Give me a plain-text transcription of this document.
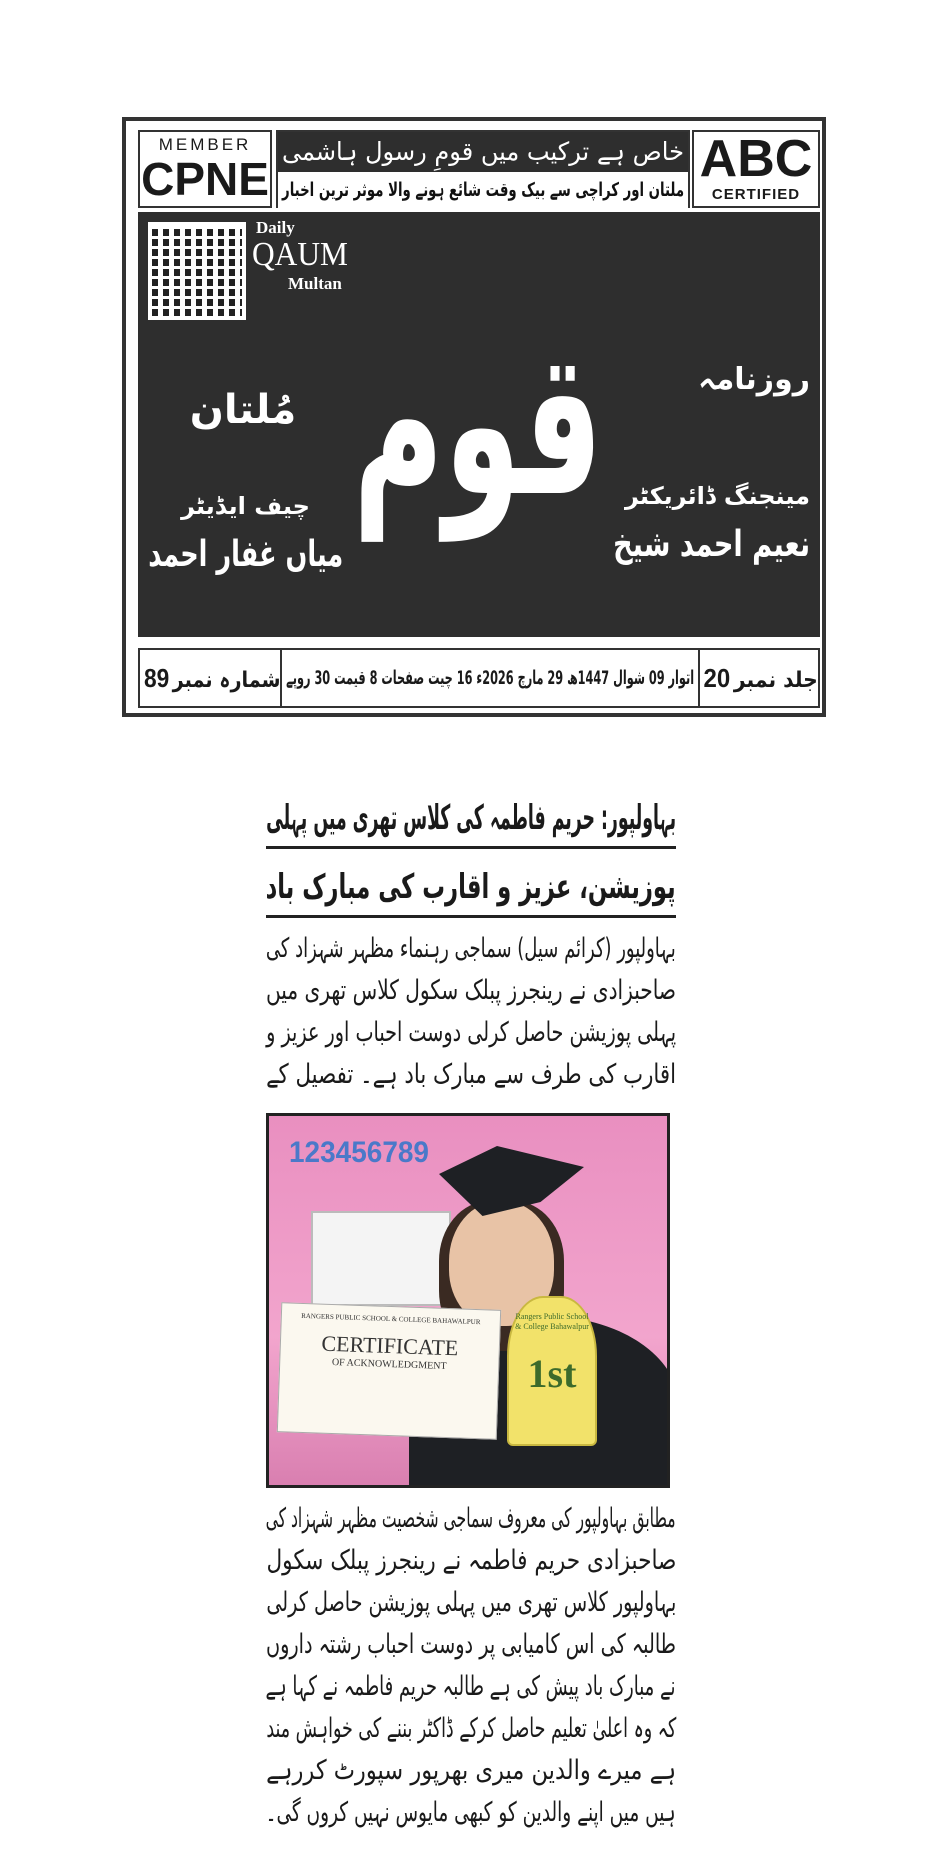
MEMBER
CPNE
خاص ہے ترکیب میں قومِ رسول ہاشمی
ملتان اور کراچی سے بیک وقت شائع ہونے والا موثر ترین اخبار
ABC
CERTIFIED
Daily
QAUM
Multan
قوم	روزنامہ
مُلتان
مینجنگ ڈائریکٹر
نعیم احمد شیخ
چیف ایڈیٹر
میاں غفار احمد
جلد نمبر20
اتوار 09 شوال 1447ھ 29 مارچ 2026ء 16 چیت صفحات 8 قیمت 30 روپے
شمارہ نمبر89
بہاولپور: حریم فاطمہ کی کلاس تھری میں پہلی
پوزیشن، عزیز و اقارب کی مبارک باد
بہاولپور (کرائم سیل) سماجی رہنماء مظہر شہزاد کی
صاحبزادی نے رینجرز پبلک سکول کلاس تھری میں
پہلی پوزیشن حاصل کرلی دوست احباب اور عزیز و
اقارب کی طرف سے مبارک باد ہے۔ تفصیل کے
123456789
RANGERS PUBLIC SCHOOL & COLLEGE BAHAWALPUR
CERTIFICATE
OF ACKNOWLEDGMENT
Rangers Public School & College Bahawalpur
1st
مطابق بہاولپور کی معروف سماجی شخصیت مظہر شہزاد کی
صاحبزادی حریم فاطمہ نے رینجرز پبلک سکول
بہاولپور کلاس تھری میں پہلی پوزیشن حاصل کرلی
طالبہ کی اس کامیابی پر دوست احباب رشتہ داروں
نے مبارک باد پیش کی ہے طالبہ حریم فاطمہ نے کہا ہے
کہ وہ اعلیٰ تعلیم حاصل کرکے ڈاکٹر بننے کی خواہش مند
ہے میرے والدین میری بھرپور سپورٹ کررہے
ہیں میں اپنے والدین کو کبھی مایوس نہیں کروں گی۔
